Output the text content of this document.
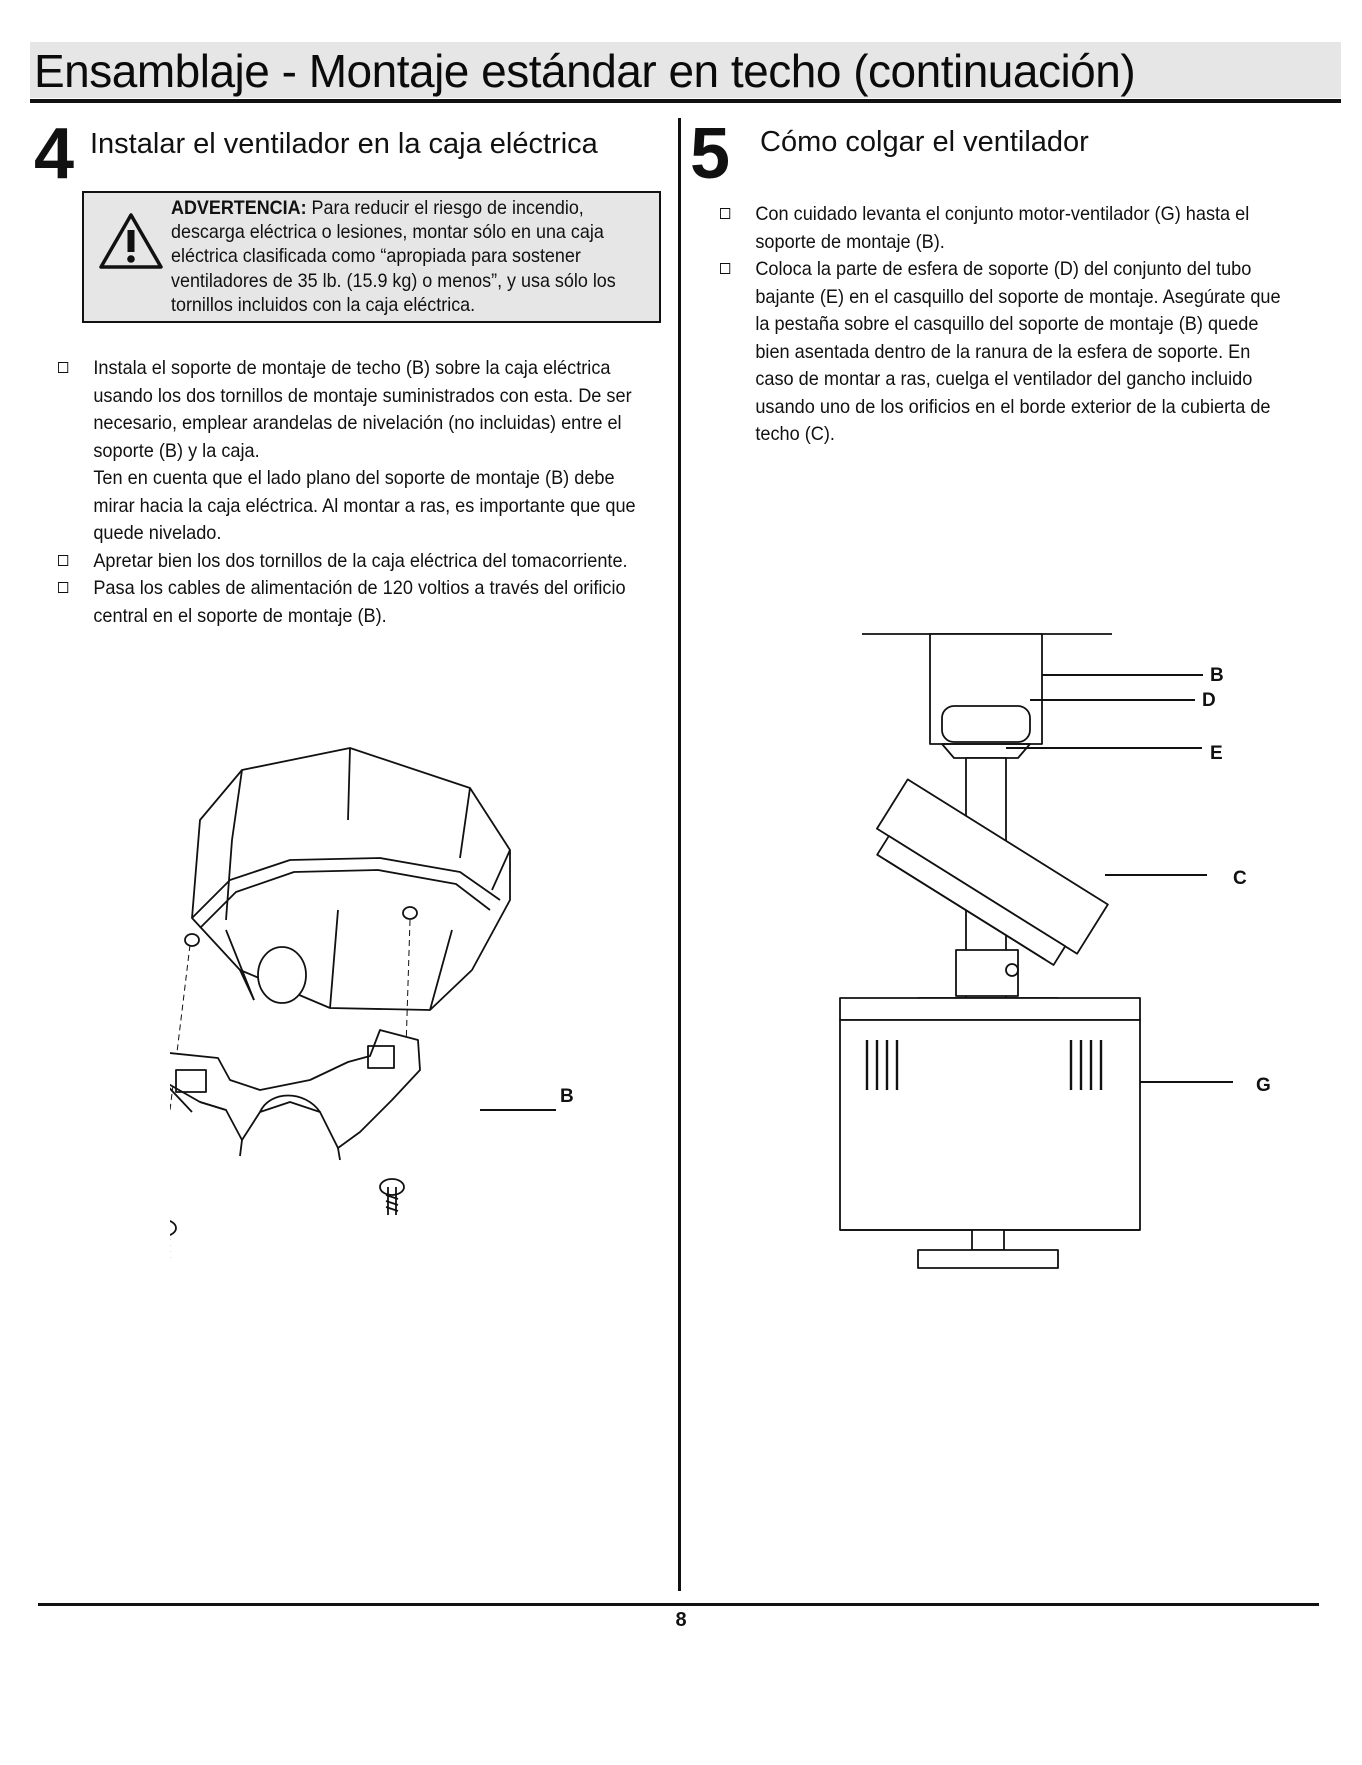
Ensamblaje - Montaje estándar en techo (continuación)
4 Instalar el ventilador en la caja eléctrica
ADVERTENCIA: Para reducir el riesgo de incendio, descarga eléctrica o lesiones, montar sólo en una caja eléctrica clasificada como “apropiada para sostener ventiladores de 35 lb. (15.9 kg) o menos”, y usa sólo los tornillos incluidos con la caja eléctrica.

Instala el soporte de montaje de techo (B) sobre la caja eléctrica usando los dos tornillos de montaje suministrados con esta. De ser necesario, emplear arandelas de nivelación (no incluidas) entre el soporte (B) y la caja.

Ten en cuenta que el lado plano del soporte de montaje (B) debe mirar hacia la caja eléctrica. Al montar a ras, es importante que que quede nivelado.

Apretar bien los dos tornillos de la caja eléctrica del tomacorriente.

Pasa los cables de alimentación de 120 voltios a través del orificio central en el soporte de montaje (B).

B
5 Cómo colgar el ventilador

Con cuidado levanta el conjunto motor-ventilador (G) hasta el soporte de montaje (B).

Coloca la parte de esfera de soporte (D) del conjunto del tubo bajante (E) en el casquillo del soporte de montaje. Asegúrate que la pestaña sobre el casquillo del soporte de montaje (B) quede bien asentada dentro de la ranura de la esfera de soporte. En caso de montar a ras, cuelga el ventilador del gancho incluido usando uno de los orificios en el borde exterior de la cubierta de techo (C).

B
D
E
C
G
8
